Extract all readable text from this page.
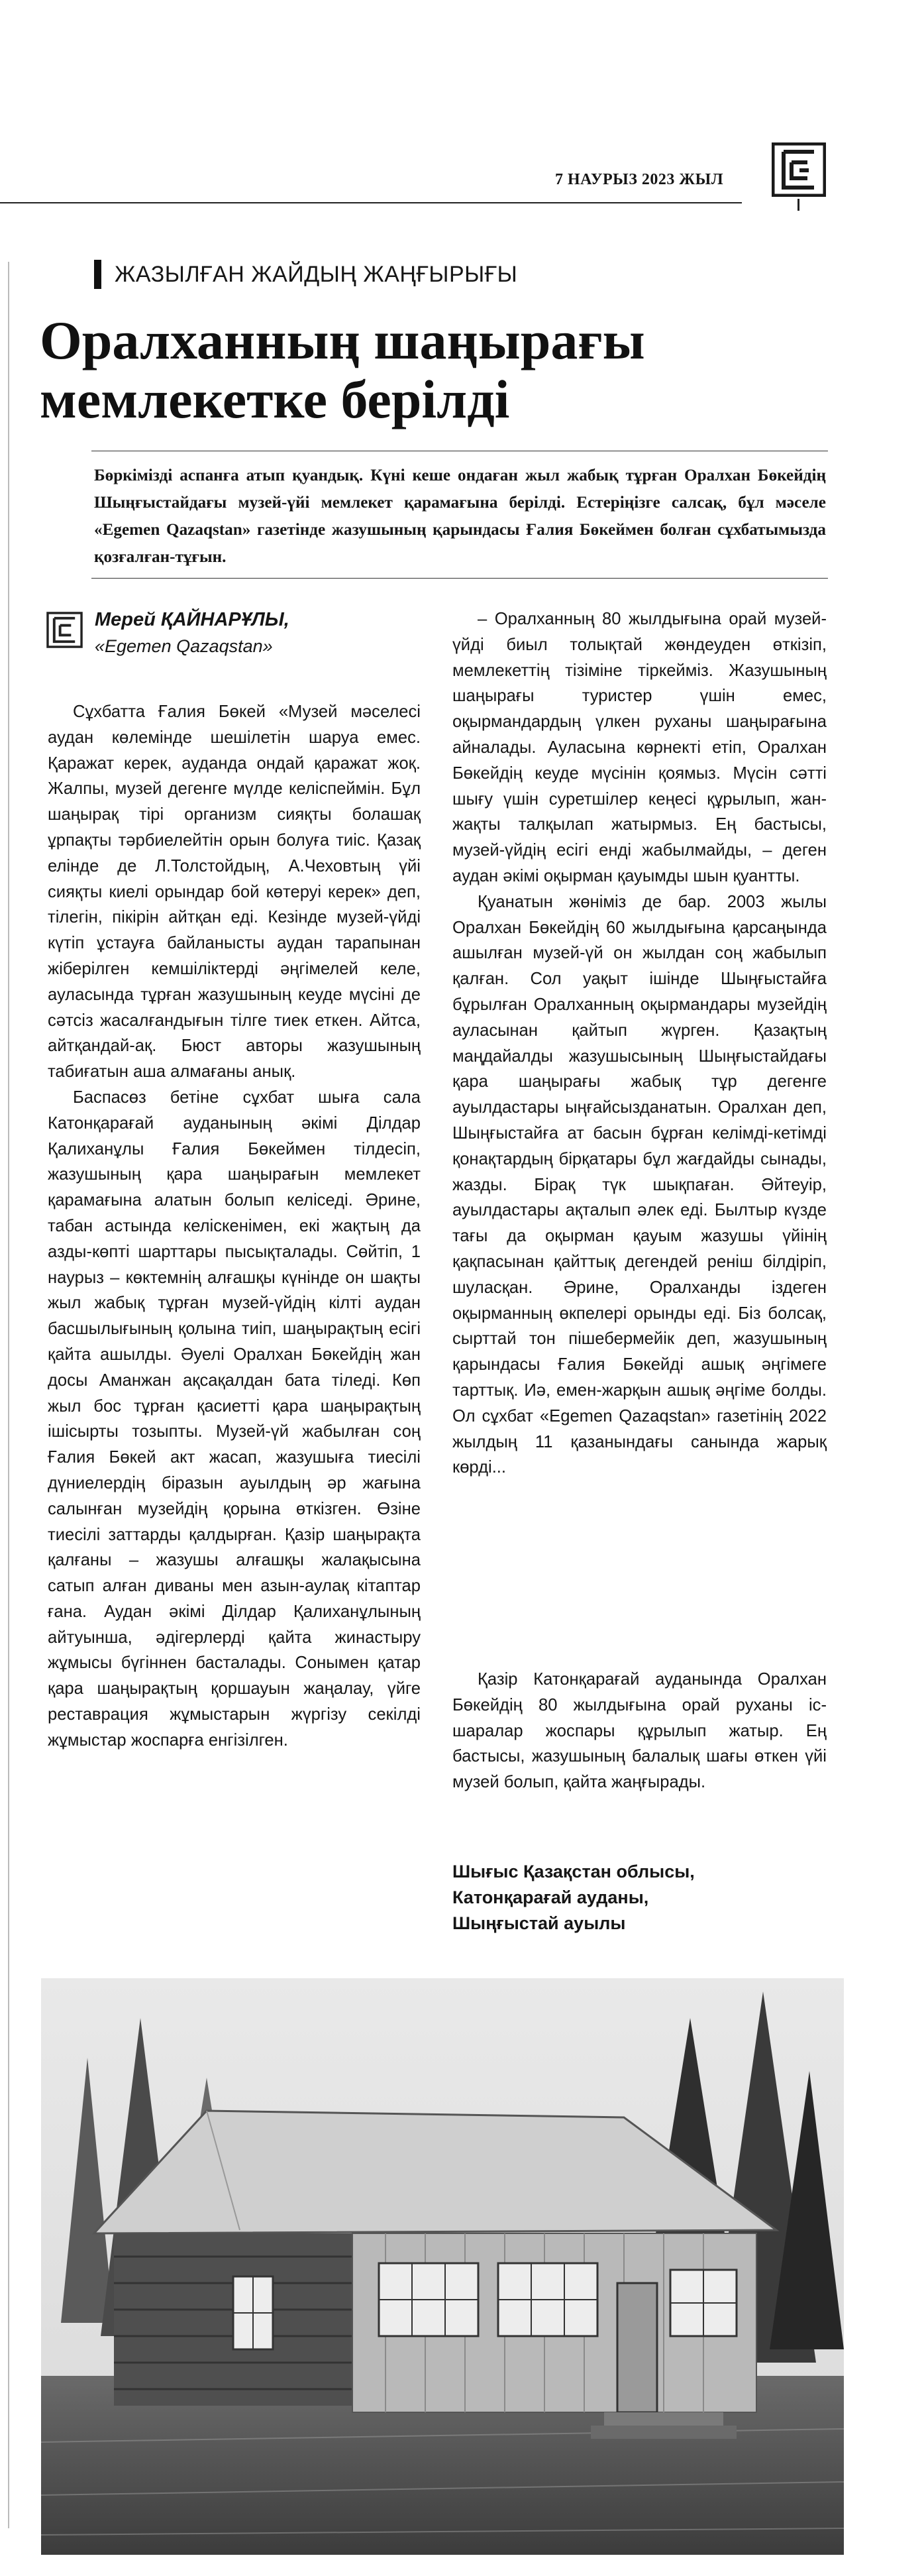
7 НАУРЫЗ 2023 ЖЫЛ
ЖАЗЫЛҒАН ЖАЙДЫҢ ЖАҢҒЫРЫҒЫ
Оралханның шаңырағы
мемлекетке берілді
Бөркімізді аспанға атып қуандық. Күні кеше ондаған жыл жабық тұрған Оралхан Бөкейдің Шыңғыстайдағы музей-үйі мемлекет қарамағына берілді. Естеріңізге салсақ, бұл мәселе «Egemen Qazaqstan» газетінде жазушының қарындасы Ғалия Бөкеймен болған сұхбатымызда қозғалған-тұғын.
Мерей ҚАЙНАРҰЛЫ,
«Egemen Qazaqstan»

Сұхбатта Ғалия Бөкей «Музей мәселесі аудан көлемінде шешілетін шаруа емес. Қаражат керек, ауданда ондай қаражат жоқ. Жалпы, музей дегенге мүлде келіспеймін. Бұл шаңырақ тірі организм сияқты болашақ ұрпақты тәрбиелейтін орын болуға тиіс. Қазақ елінде де Л.Толстойдың, А.Чеховтың үйі сияқты киелі орындар бой көтеруі керек» деп, тілегін, пікірін айтқан еді. Кезінде музей-үйді күтіп ұстауға байланысты аудан тарапынан жіберілген кемшіліктерді әңгімелей келе, ауласында тұрған жазушының кеуде мүсіні де сәтсіз жасалғандығын тілге тиек еткен. Айтса, айтқандай-ақ. Бюст авторы жазушының табиғатын аша алмағаны анық.

Баспасөз бетіне сұхбат шыға сала Катонқарағай ауданының әкімі Ділдар Қалиханұлы Ғалия Бөкеймен тілдесіп, жазушының қара шаңырағын мемлекет қарамағына алатын болып келіседі. Әрине, табан астында келіскенімен, екі жақтың да азды-көпті шарттары пысықталады. Сөйтіп, 1 наурыз – көктемнің алғашқы күнінде он шақты жыл жабық тұрған музей-үйдің кілті аудан басшылығының қолына тиіп, шаңырақтың есігі қайта ашылды. Әуелі Оралхан Бөкейдің жан досы Аманжан ақсақалдан бата тіледі. Көп жыл бос тұрған қасиетті қара шаңырақтың ішісырты тозыпты. Музей-үй жабылған соң Ғалия Бөкей акт жасап, жазушыға тиесілі дүниелердің біразын ауылдың әр жағына салынған музейдің қорына өткізген. Өзіне тиесілі заттарды қалдырған. Қазір шаңырақта қалғаны – жазушы алғашқы жалақысына сатып алған диваны мен азын-аулақ кітаптар ғана. Аудан әкімі Ділдар Қалиханұлының айтуынша, әдігерлерді қайта жинастыру жұмысы бүгіннен басталады. Сонымен қатар қара шаңырақтың қоршауын жаңалау, үйге реставрация жұмыстарын жүргізу секілді жұмыстар жоспарға енгізілген.

– Оралханның 80 жылдығына орай музей-үйді биыл толықтай жөндеуден өткізіп, мемлекеттің тізіміне тіркейміз. Жазушының шаңырағы туристер үшін емес, оқырмандардың үлкен руханы шаңырағына айналады. Ауласына көрнекті етіп, Оралхан Бөкейдің кеуде мүсінін қоямыз. Мүсін сәтті шығу үшін суретшілер кеңесі құрылып, жан-жақты талқылап жатырмыз. Ең бастысы, музей-үйдің есігі енді жабылмайды, – деген аудан әкімі оқырман қауымды шын қуантты.

Қуанатын жөніміз де бар. 2003 жылы Оралхан Бөкейдің 60 жылдығына қарсаңында ашылған музей-үй он жылдан соң жабылып қалған. Сол уақыт ішінде Шыңғыстайға бұрылған Оралханның оқырмандары музейдің ауласынан қайтып жүрген. Қазақтың маңдайалды жазушысының Шыңғыстайдағы қара шаңырағы жабық тұр дегенге ауылдастары ыңғайсызданатын. Оралхан деп, Шыңғыстайға ат басын бұрған келімді-кетімді қонақтардың бірқатары бұл жағдайды сынады, жазды. Бірақ түк шықпаған. Әйтеуір, ауылдастары ақталып әлек еді. Былтыр күзде тағы да оқырман қауым жазушы үйінің қақпасынан қайттық дегендей реніш білдіріп, шуласқан. Әрине, Оралханды іздеген оқырманның өкпелері орынды еді. Біз болсақ, сырттай тон пішебермейік деп, жазушының қарындасы Ғалия Бөкейді ашық әңгімеге тарттық. Иә, емен-жарқын ашық әңгіме болды. Ол сұхбат «Egemen Qazaqstan» газетінің 2022 жылдың 11 қазанындағы санында жарық көрді...

Қазір Катонқарағай ауданында Оралхан Бөкейдің 80 жылдығына орай руханы іс-шаралар жоспары құрылып жатыр. Ең бастысы, жазушының балалық шағы өткен үйі музей болып, қайта жаңғырады.

Шығыс Қазақстан облысы,
Катонқарағай ауданы,
Шыңғыстай ауылы
